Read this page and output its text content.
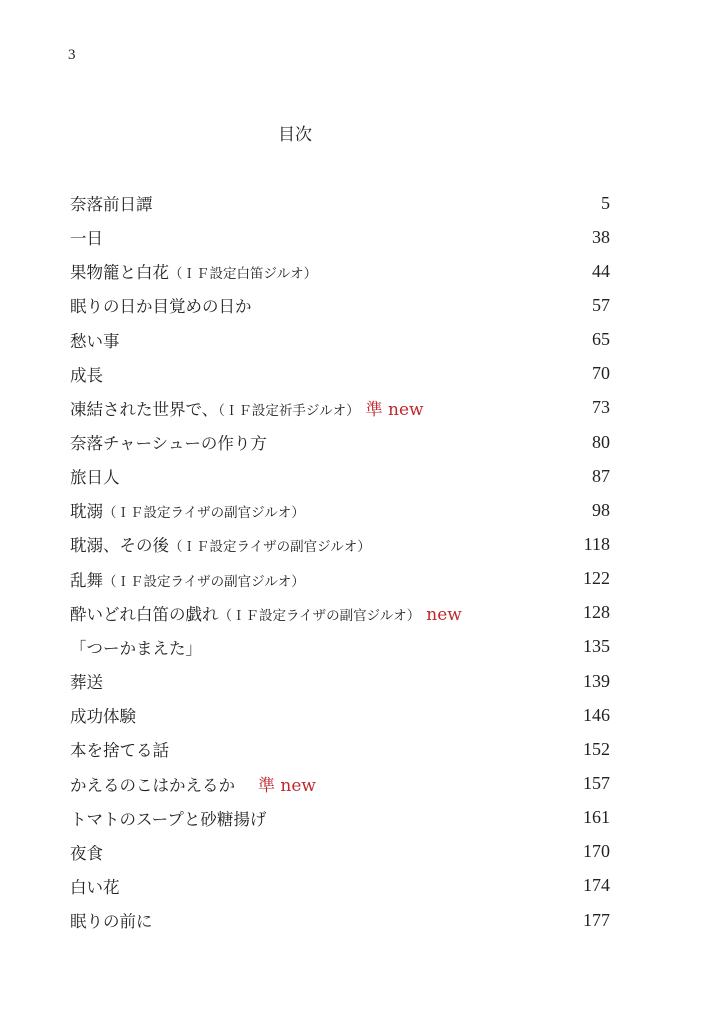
3
目次
奈落前日譚	5
一日	38
果物籠と白花（ＩＦ設定白笛ジルオ）	44
眠りの日か目覚めの日か	57
愁い事	65
成長	70
凍結された世界で、（ＩＦ設定祈手ジルオ） 準 new	73
奈落チャーシューの作り方	80
旅日人	87
耽溺（ＩＦ設定ライザの副官ジルオ）	98
耽溺、その後（ＩＦ設定ライザの副官ジルオ）	118
乱舞（ＩＦ設定ライザの副官ジルオ）	122
酔いどれ白笛の戯れ（ＩＦ設定ライザの副官ジルオ） new	128
「つーかまえた」	135
葬送	139
成功体験	146
本を捨てる話	152
かえるのこはかえるか　準 new	157
トマトのスープと砂糖揚げ	161
夜食	170
白い花	174
眠りの前に	177
